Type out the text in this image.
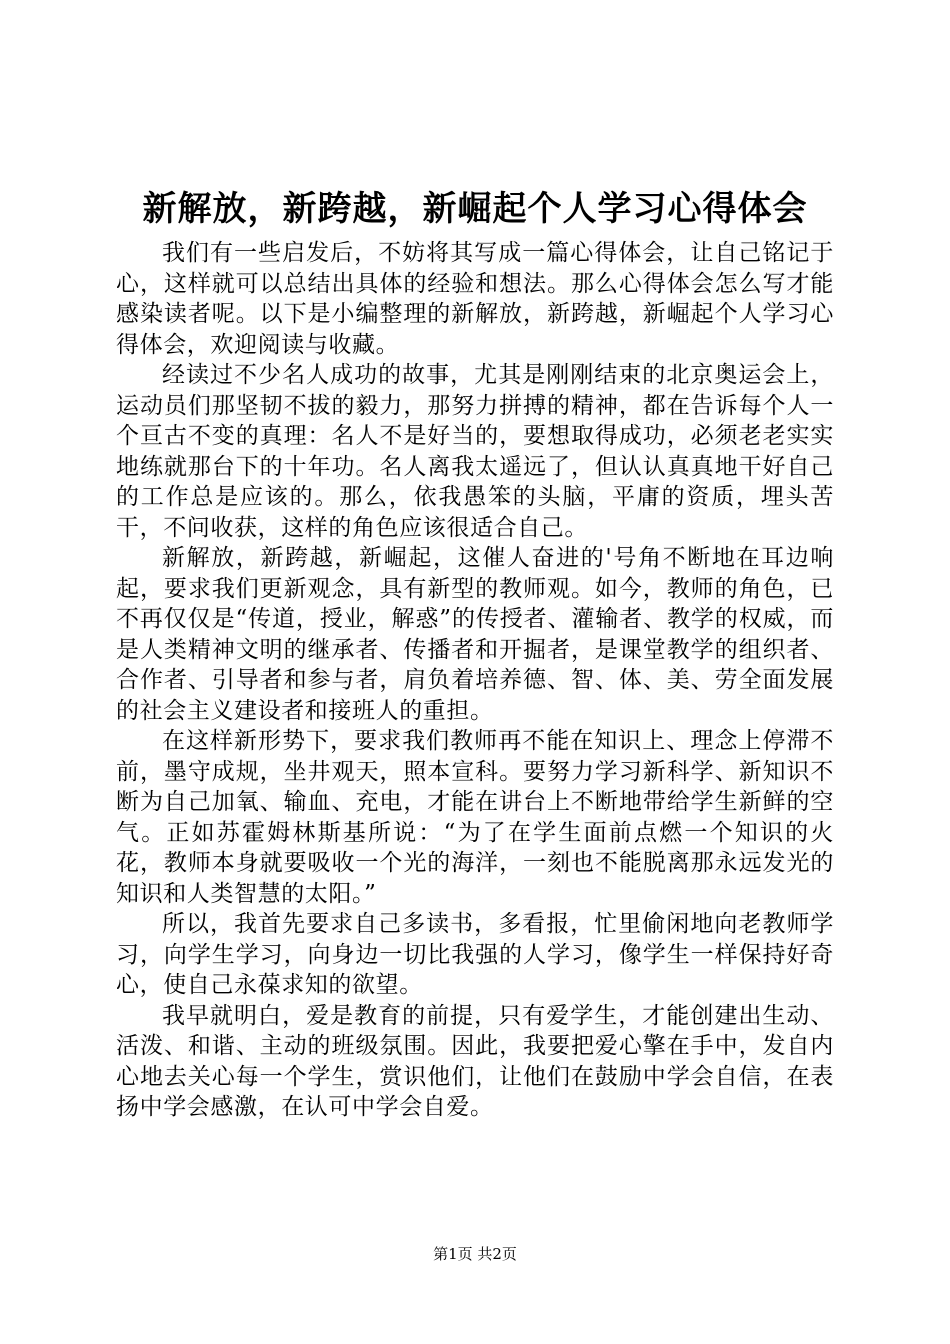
新解放，新跨越，新崛起个人学习心得体会

我们有一些启发后，不妨将其写成一篇心得体会，让自己铭记于心，这样就可以总结出具体的经验和想法。那么心得体会怎么写才能感染读者呢。以下是小编整理的新解放，新跨越，新崛起个人学习心得体会，欢迎阅读与收藏。

经读过不少名人成功的故事，尤其是刚刚结束的北京奥运会上，运动员们那坚韧不拔的毅力，那努力拼搏的精神，都在告诉每个人一个亘古不变的真理：名人不是好当的，要想取得成功，必须老老实实地练就那台下的十年功。名人离我太遥远了，但认认真真地干好自己的工作总是应该的。那么，依我愚笨的头脑，平庸的资质，埋头苦干，不问收获，这样的角色应该很适合自己。

新解放，新跨越，新崛起，这催人奋进的'号角不断地在耳边响起，要求我们更新观念，具有新型的教师观。如今，教师的角色，已不再仅仅是“传道，授业，解惑”的传授者、灌输者、教学的权威，而是人类精神文明的继承者、传播者和开掘者，是课堂教学的组织者、合作者、引导者和参与者，肩负着培养德、智、体、美、劳全面发展的社会主义建设者和接班人的重担。

在这样新形势下，要求我们教师再不能在知识上、理念上停滞不前，墨守成规，坐井观天，照本宣科。要努力学习新科学、新知识不断为自己加氧、输血、充电，才能在讲台上不断地带给学生新鲜的空气。正如苏霍姆林斯基所说：“为了在学生面前点燃一个知识的火花，教师本身就要吸收一个光的海洋，一刻也不能脱离那永远发光的知识和人类智慧的太阳。”

所以，我首先要求自己多读书，多看报，忙里偷闲地向老教师学习，向学生学习，向身边一切比我强的人学习，像学生一样保持好奇心，使自己永葆求知的欲望。

我早就明白，爱是教育的前提，只有爱学生，才能创建出生动、活泼、和谐、主动的班级氛围。因此，我要把爱心擎在手中，发自内心地去关心每一个学生，赏识他们，让他们在鼓励中学会自信，在表扬中学会感激，在认可中学会自爱。

第1页 共2页
